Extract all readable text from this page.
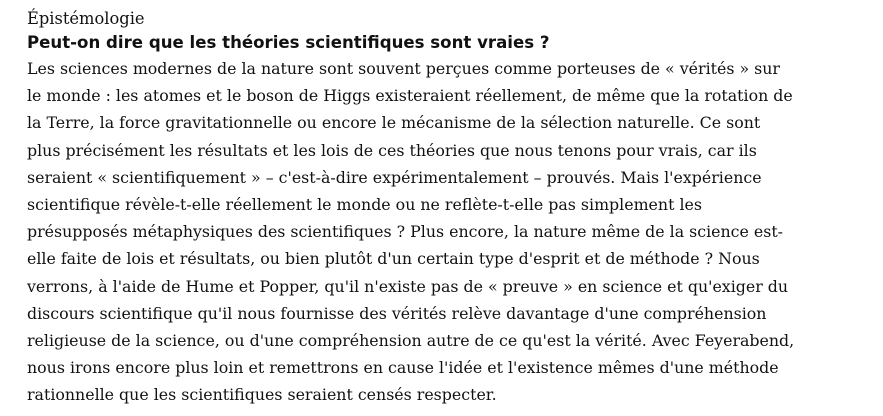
Épistémologie
Peut-on dire que les théories scientifiques sont vraies ?
Les sciences modernes de la nature sont souvent perçues comme porteuses de « vérités » sur
le monde : les atomes et le boson de Higgs existeraient réellement, de même que la rotation de
la Terre, la force gravitationnelle ou encore le mécanisme de la sélection naturelle. Ce sont
plus précisément les résultats et les lois de ces théories que nous tenons pour vrais, car ils
seraient « scientifiquement » – c'est-à-dire expérimentalement – prouvés. Mais l'expérience
scientifique révèle-t-elle réellement le monde ou ne reflète-t-elle pas simplement les
présupposés métaphysiques des scientifiques ? Plus encore, la nature même de la science est-
elle faite de lois et résultats, ou bien plutôt d'un certain type d'esprit et de méthode ? Nous
verrons, à l'aide de Hume et Popper, qu'il n'existe pas de « preuve » en science et qu'exiger du
discours scientifique qu'il nous fournisse des vérités relève davantage d'une compréhension
religieuse de la science, ou d'une compréhension autre de ce qu'est la vérité. Avec Feyerabend,
nous irons encore plus loin et remettrons en cause l'idée et l'existence mêmes d'une méthode
rationnelle que les scientifiques seraient censés respecter.
